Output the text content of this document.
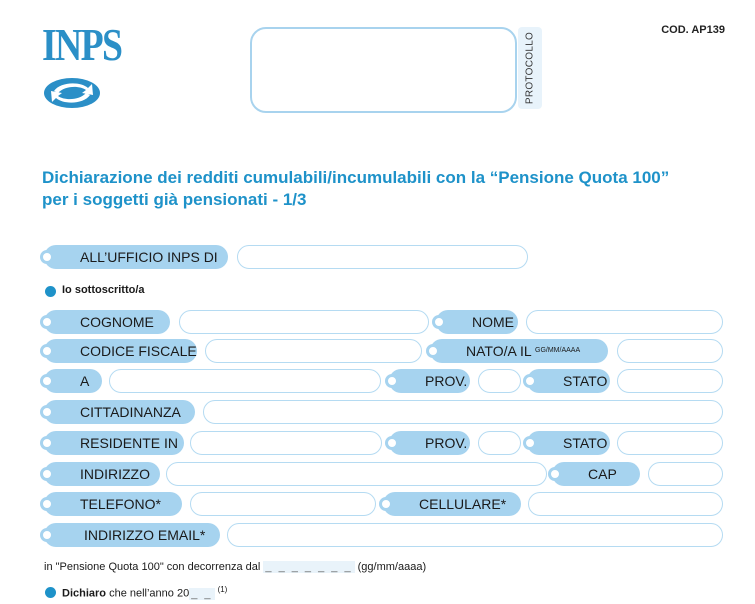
INPS	PROTOCOLLO
COD. AP139
Dichiarazione dei redditi cumulabili/incumulabili con la “Pensione Quota 100”
per i soggetti già pensionati - 1/3
ALL’UFFICIO INPS DI
Io sottoscritto/a
COGNOME	NOME
CODICE FISCALE	NATO/A IL $^{GG/MM/AAAA}$
A	PROV.	STATO
CITTADINANZA
RESIDENTE IN	PROV.	STATO
INDIRIZZO	CAP
TELEFONO*	CELLULARE*
INDIRIZZO EMAIL*
in "Pensione Quota 100" con decorrenza dal _ _ _ _ _ _ _ (gg/mm/aaaa)
Dichiaro che nell’anno 20 _ _ $^{(1)}$
